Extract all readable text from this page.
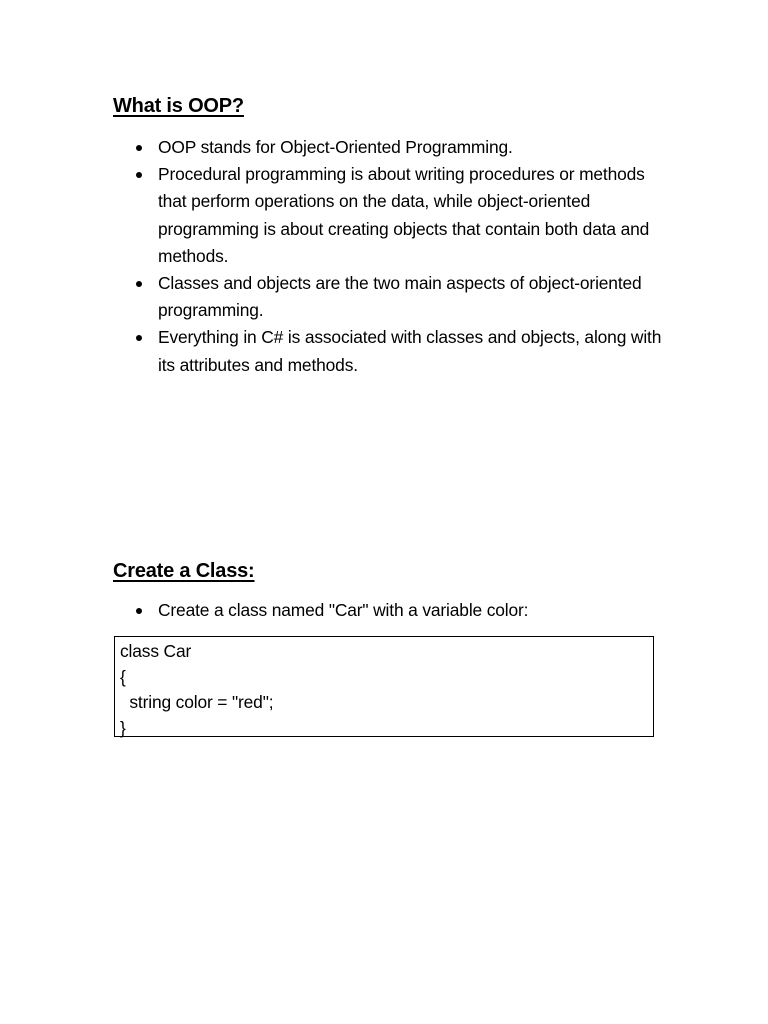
What is OOP?
OOP stands for Object-Oriented Programming.
Procedural programming is about writing procedures or methods that perform operations on the data, while object-oriented programming is about creating objects that contain both data and methods.
Classes and objects are the two main aspects of object-oriented programming.
Everything in C# is associated with classes and objects, along with its attributes and methods.
Create a Class:
Create a class named "Car" with a variable color:
class Car
{
string color = "red";
}
